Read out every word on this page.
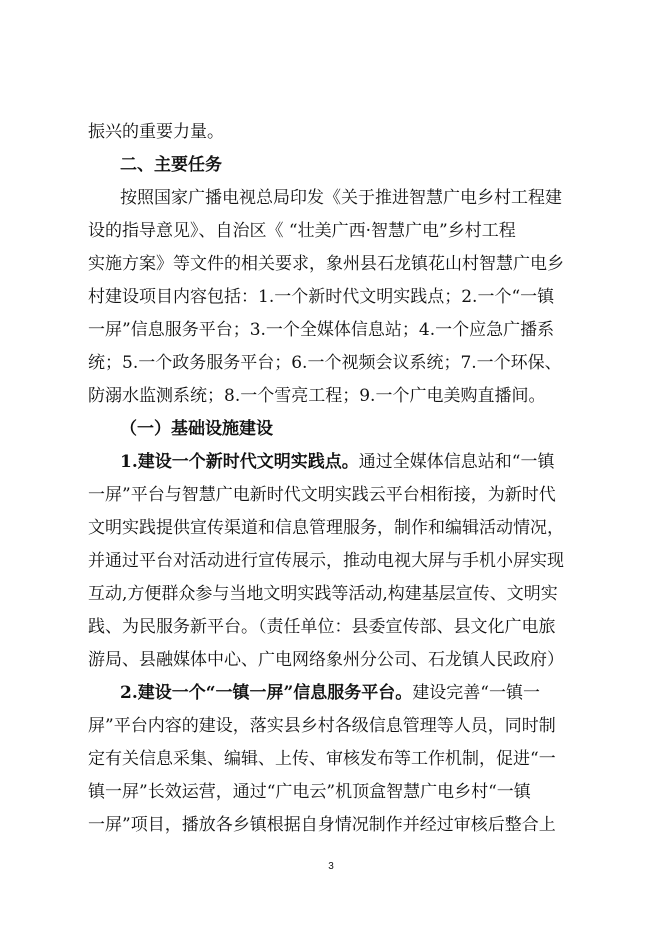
振兴的重要力量。
二、主要任务
按照国家广播电视总局印发《关于推进智慧广电乡村工程建
设的指导意见》、自治区《 “壮美广西·智慧广电”乡村工程
实施方案》等文件的相关要求，象州县石龙镇花山村智慧广电乡
村建设项目内容包括：1.一个新时代文明实践点；2.一个“一镇
一屏”信息服务平台；3.一个全媒体信息站；4.一个应急广播系
统；5.一个政务服务平台；6.一个视频会议系统；7.一个环保、
防溺水监测系统；8.一个雪亮工程；9.一个广电美购直播间。
（一）基础设施建设
1.建设一个新时代文明实践点。通过全媒体信息站和“一镇
一屏”平台与智慧广电新时代文明实践云平台相衔接，为新时代
文明实践提供宣传渠道和信息管理服务，制作和编辑活动情况，
并通过平台对活动进行宣传展示，推动电视大屏与手机小屏实现
互动,方便群众参与当地文明实践等活动,构建基层宣传、文明实
践、为民服务新平台。（责任单位：县委宣传部、县文化广电旅
游局、县融媒体中心、广电网络象州分公司、石龙镇人民政府）
2.建设一个“一镇一屏”信息服务平台。建设完善“一镇一
屏”平台内容的建设，落实县乡村各级信息管理等人员，同时制
定有关信息采集、编辑、上传、审核发布等工作机制，促进“一
镇一屏”长效运营，通过“广电云”机顶盒智慧广电乡村“一镇
一屏”项目，播放各乡镇根据自身情况制作并经过审核后整合上
3
